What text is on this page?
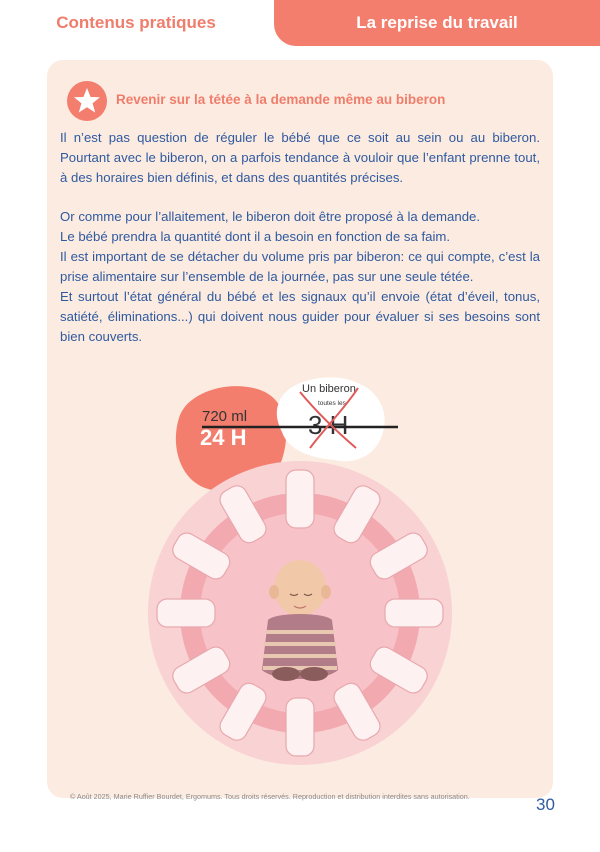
Contenus pratiques	La reprise du travail
Revenir sur la tétée à la demande même au biberon

Il n’est pas question de réguler le bébé que ce soit au sein ou au biberon. Pourtant avec le biberon, on a parfois tendance à vouloir que l’enfant prenne tout, à des horaires bien définis, et dans des quantités précises.

Or comme pour l’allaitement, le biberon doit être proposé à la demande.

Le bébé prendra la quantité dont il a besoin en fonction de sa faim.

Il est important de se détacher du volume pris par biberon: ce qui compte, c’est la prise alimentaire sur l’ensemble de la journée, pas sur une seule tétée.

Et surtout l’état général du bébé et les signaux qu’il envoie (état d’éveil, tonus, satiété, éliminations...) qui doivent nous guider pour évaluer si ses besoins sont bien couverts.

720 ml
24 H
Un biberon
toutes les
3 H
© Août 2025, Marie Ruffier Bourdet, Ergomums. Tous droits réservés. Reproduction et distribution interdites sans autorisation.	30
